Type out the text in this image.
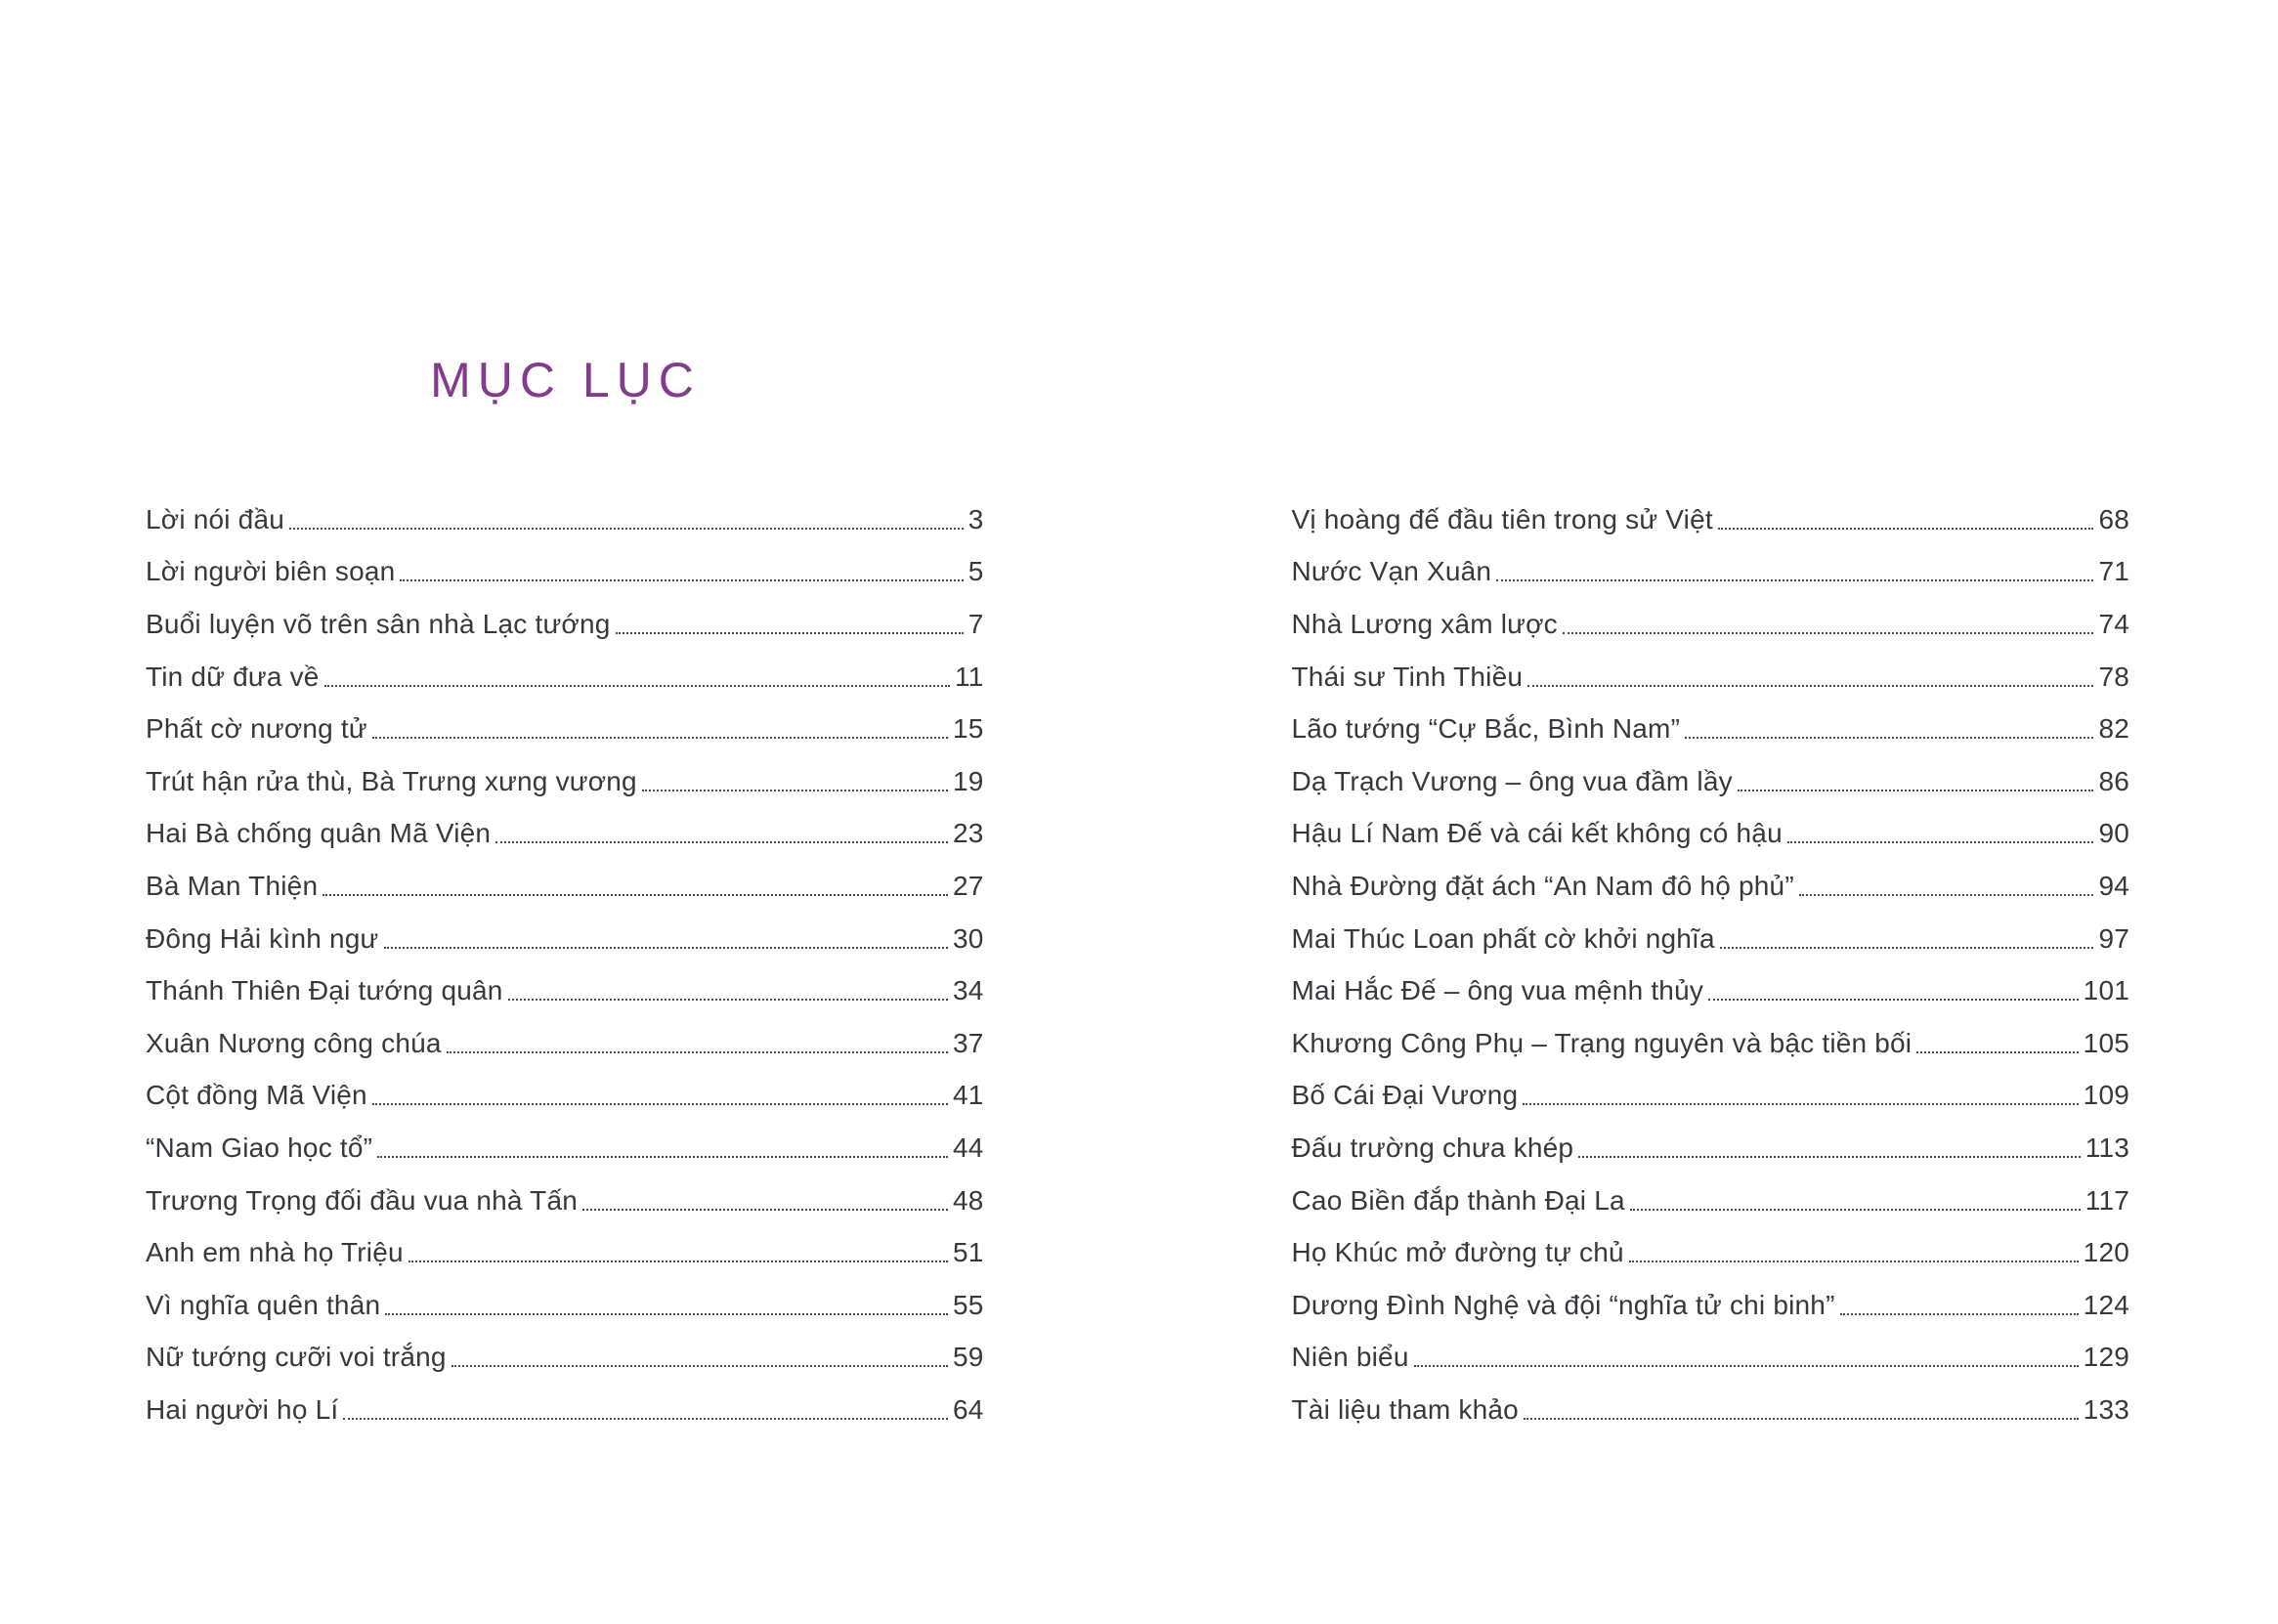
MỤC LỤC
Lời nói đầu	3
Lời người biên soạn	5
Buổi luyện võ trên sân nhà Lạc tướng	7
Tin dữ đưa về	11
Phất cờ nương tử	15
Trút hận rửa thù, Bà Trưng xưng vương	19
Hai Bà chống quân Mã Viện	23
Bà Man Thiện	27
Đông Hải kình ngư	30
Thánh Thiên Đại tướng quân	34
Xuân Nương công chúa	37
Cột đồng Mã Viện	41
“Nam Giao học tổ”	44
Trương Trọng đối đầu vua nhà Tấn	48
Anh em nhà họ Triệu	51
Vì nghĩa quên thân	55
Nữ tướng cưỡi voi trắng	59
Hai người họ Lí	64
Vị hoàng đế đầu tiên trong sử Việt	68
Nước Vạn Xuân	71
Nhà Lương xâm lược	74
Thái sư Tinh Thiều	78
Lão tướng “Cự Bắc, Bình Nam”	82
Dạ Trạch Vương – ông vua đầm lầy	86
Hậu Lí Nam Đế và cái kết không có hậu	90
Nhà Đường đặt ách “An Nam đô hộ phủ”	94
Mai Thúc Loan phất cờ khởi nghĩa	97
Mai Hắc Đế – ông vua mệnh thủy	101
Khương Công Phụ – Trạng nguyên và bậc tiền bối	105
Bố Cái Đại Vương	109
Đấu trường chưa khép	113
Cao Biền đắp thành Đại La	117
Họ Khúc mở đường tự chủ	120
Dương Đình Nghệ và đội “nghĩa tử chi binh”	124
Niên biểu	129
Tài liệu tham khảo	133
